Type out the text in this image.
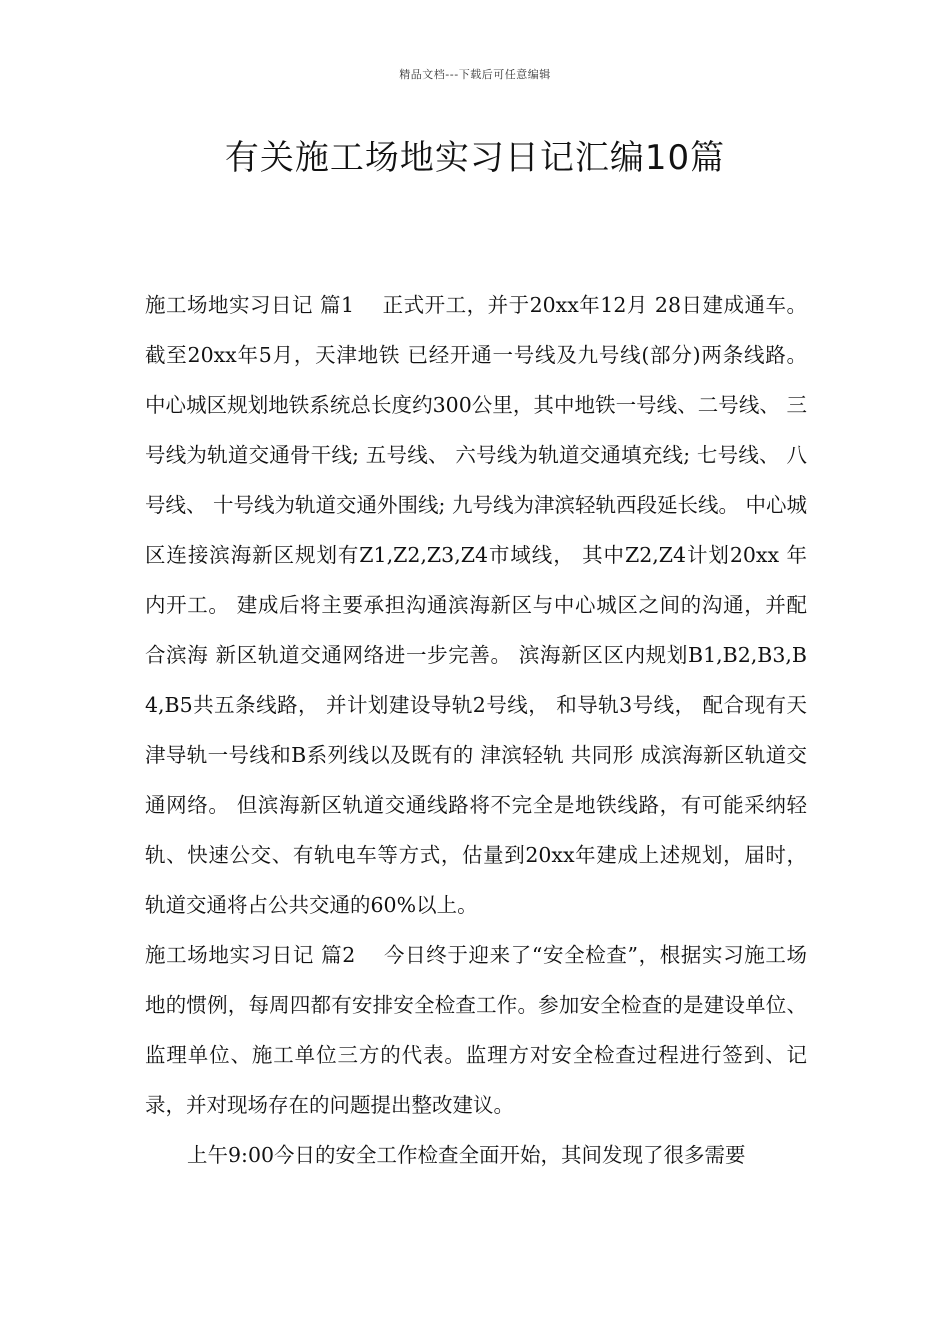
精品文档---下载后可任意编辑
有关施工场地实习日记汇编10篇

施工场地实习日记 篇1 正式开工，并于20xx年12月 28日建成通车。截至20xx年5月，天津地铁 已经开通一号线及九号线(部分)两条线路。 中心城区规划地铁系统总长度约300公里，其中地铁一号线、二号线、 三号线为轨道交通骨干线; 五号线、 六号线为轨道交通填充线; 七号线、 八号线、 十号线为轨道交通外围线; 九号线为津滨轻轨西段延长线。 中心城区连接滨海新区规划有Z1,Z2,Z3,Z4市域线， 其中Z2,Z4计划20xx 年内开工。 建成后将主要承担沟通滨海新区与中心城区之间的沟通，并配合滨海 新区轨道交通网络进一步完善。 滨海新区区内规划B1,B2,B3,B4,B5共五条线路， 并计划建设导轨2号线， 和导轨3号线， 配合现有天津导轨一号线和B系列线以及既有的 津滨轻轨 共同形 成滨海新区轨道交通网络。 但滨海新区轨道交通线路将不完全是地铁线路，有可能采纳轻轨、快速公交、有轨电车等方式，估量到20xx年建成上述规划，届时， 轨道交通将占公共交通的60%以上。

施工场地实习日记 篇2 今日终于迎来了“安全检查”，根据实习施工场地的惯例，每周四都有安排安全检查工作。参加安全检查的是建设单位、监理单位、施工单位三方的代表。监理方对安全检查过程进行签到、记录，并对现场存在的问题提出整改建议。

上午9:00今日的安全工作检查全面开始，其间发现了很多需要
